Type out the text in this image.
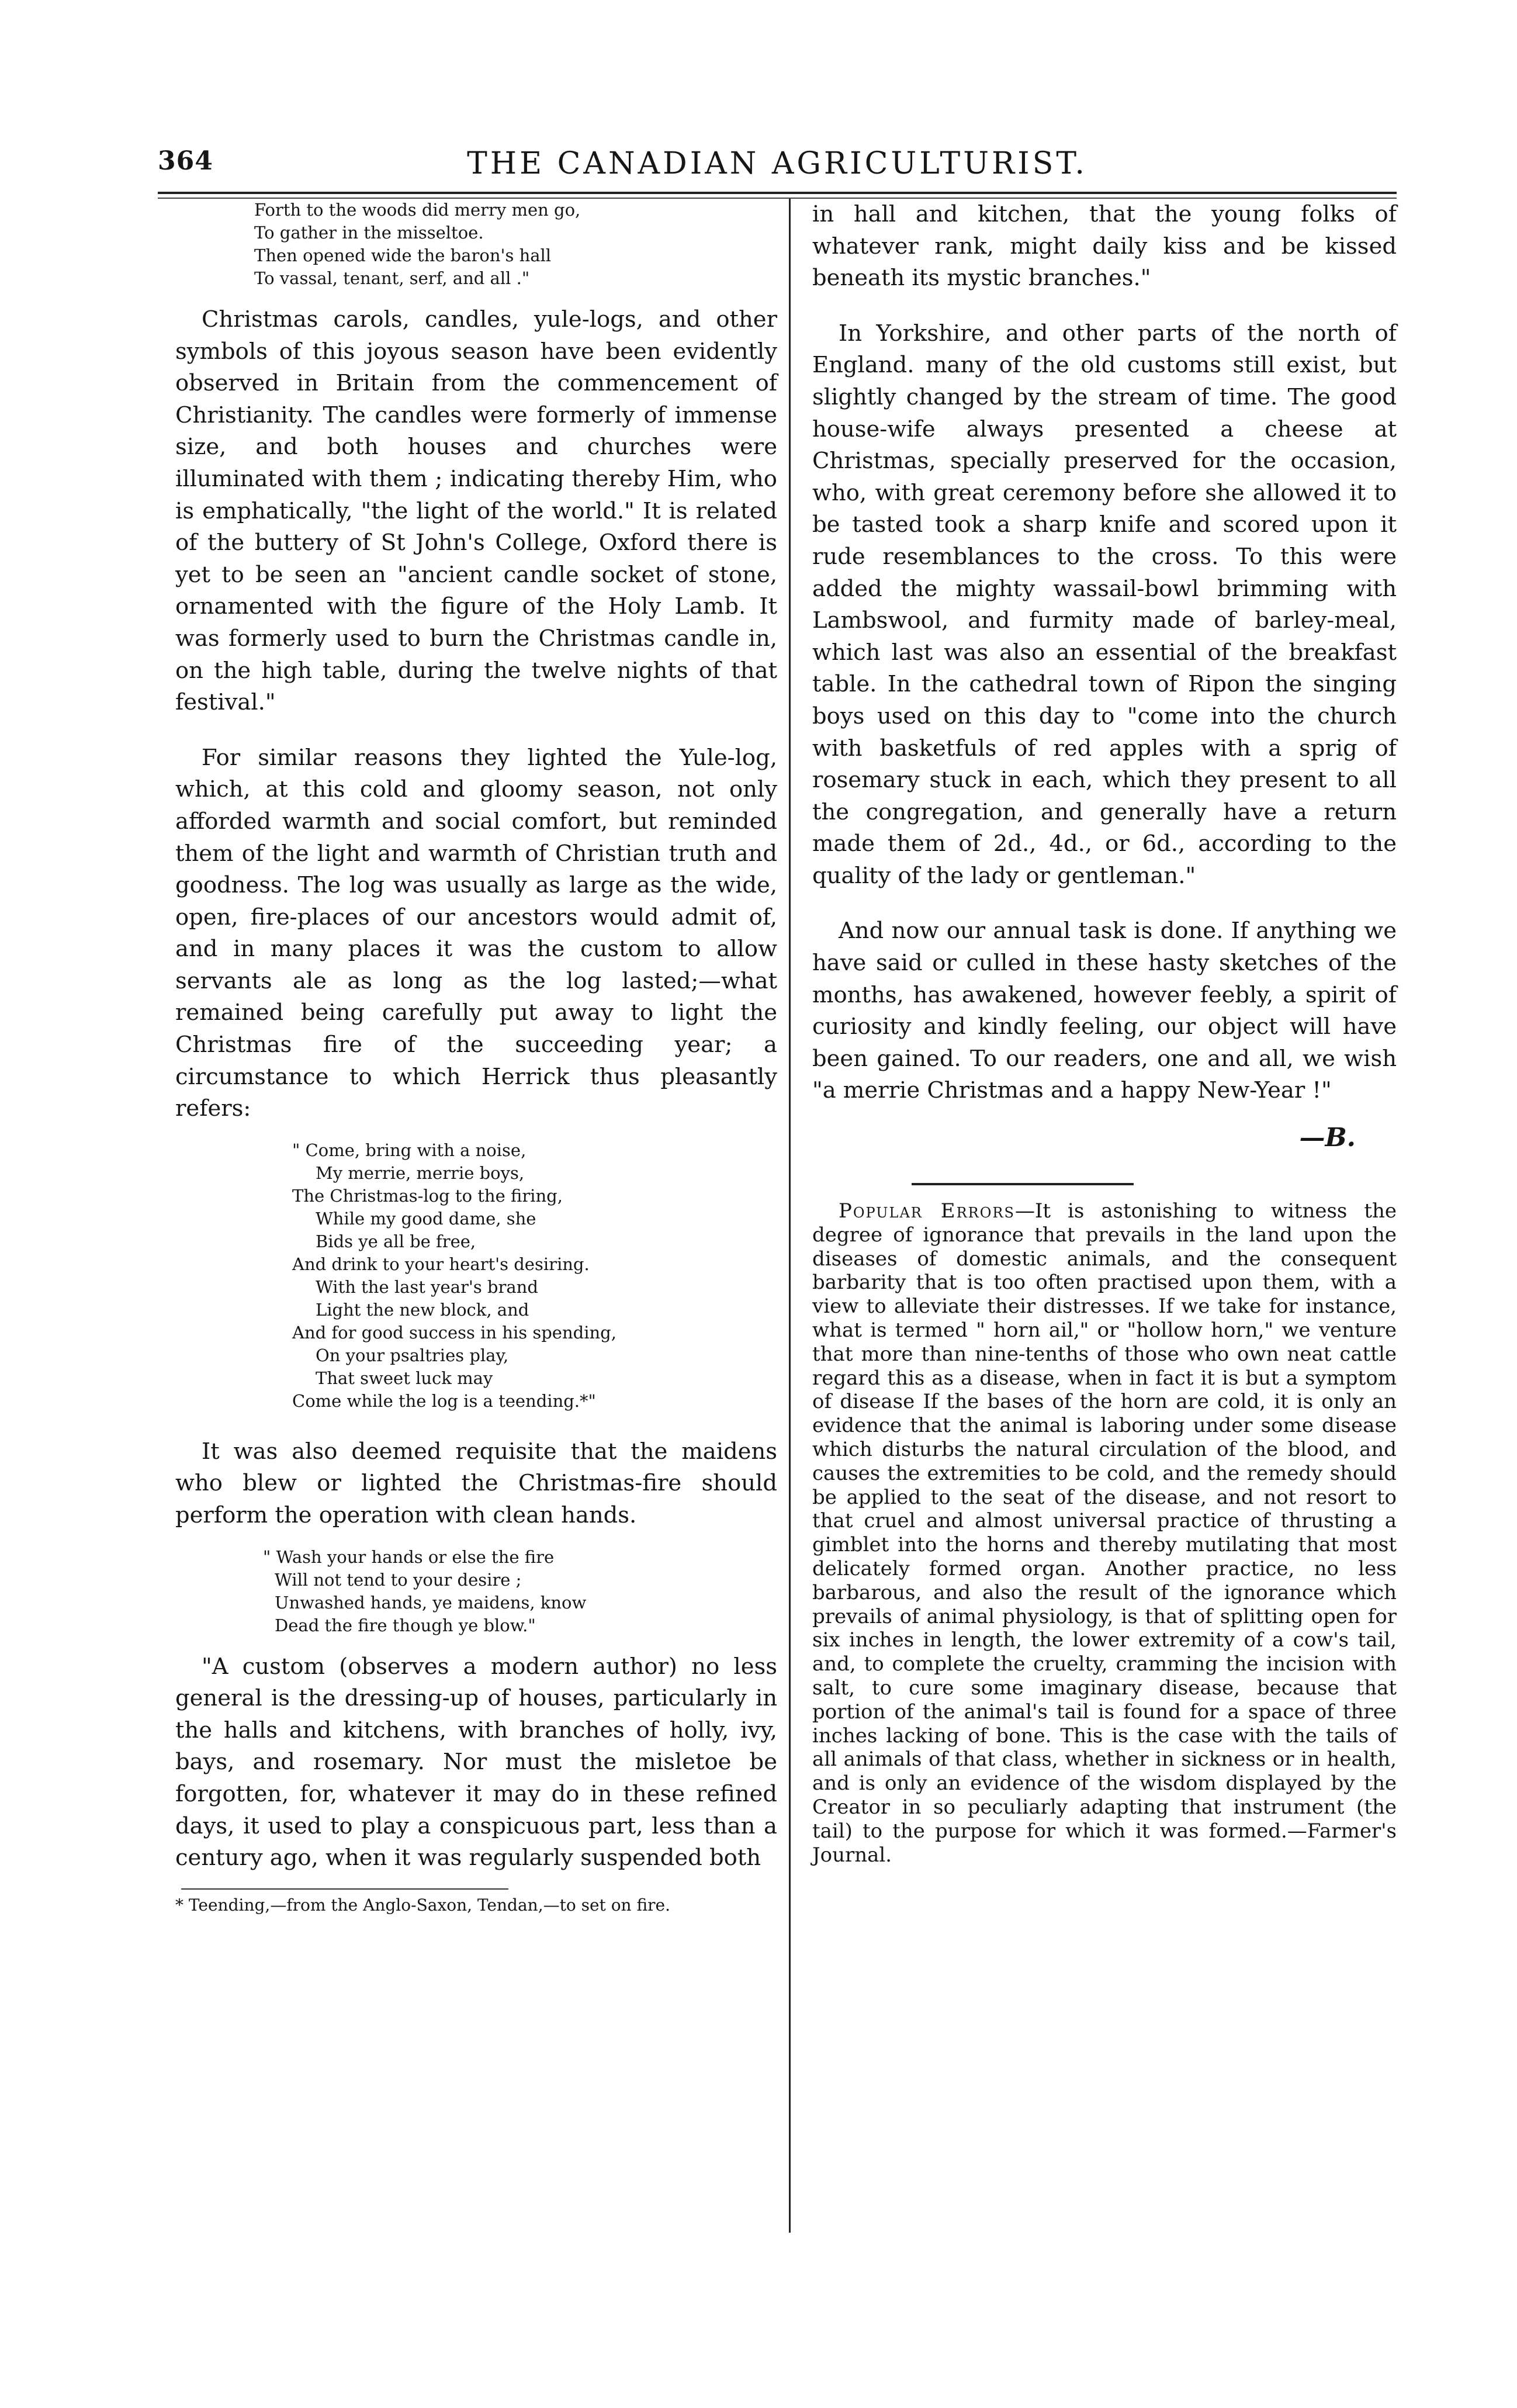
364	THE CANADIAN AGRICULTURIST.
Forth to the woods did merry men go,
To gather in the misseltoe.
Then opened wide the baron's hall
To vassal, tenant, serf, and all ."

Christmas carols, candles, yule-logs, and other symbols of this joyous season have been evidently observed in Britain from the commencement of Christianity. The candles were formerly of immense size, and both houses and churches were illuminated with them ; indicating thereby Him, who is emphatically, "the light of the world." It is related of the buttery of St John's College, Oxford there is yet to be seen an "ancient candle socket of stone, ornamented with the figure of the Holy Lamb. It was formerly used to burn the Christmas candle in, on the high table, during the twelve nights of that festival."

For similar reasons they lighted the Yule-log, which, at this cold and gloomy season, not only afforded warmth and social comfort, but reminded them of the light and warmth of Christian truth and goodness. The log was usually as large as the wide, open, fire-places of our ancestors would admit of, and in many places it was the custom to allow servants ale as long as the log lasted;—what remained being carefully put away to light the Christmas fire of the succeeding year; a circumstance to which Herrick thus pleasantly refers:

" Come, bring with a noise,
My merrie, merrie boys,
The Christmas-log to the firing,
While my good dame, she
Bids ye all be free,
And drink to your heart's desiring.
With the last year's brand
Light the new block, and
And for good success in his spending,
On your psaltries play,
That sweet luck may
Come while the log is a teending.*"

It was also deemed requisite that the maidens who blew or lighted the Christmas-fire should perform the operation with clean hands.

" Wash your hands or else the fire
Will not tend to your desire ;
Unwashed hands, ye maidens, know
Dead the fire though ye blow."

"A custom (observes a modern author) no less general is the dressing-up of houses, particularly in the halls and kitchens, with branches of holly, ivy, bays, and rosemary. Nor must the misletoe be forgotten, for, whatever it may do in these refined days, it used to play a conspicuous part, less than a century ago, when it was regularly suspended both

* Teending,—from the Anglo-Saxon, Tendan,—to set on fire.

in hall and kitchen, that the young folks of whatever rank, might daily kiss and be kissed beneath its mystic branches."

In Yorkshire, and other parts of the north of England. many of the old customs still exist, but slightly changed by the stream of time. The good house-wife always presented a cheese at Christmas, specially preserved for the occasion, who, with great ceremony before she allowed it to be tasted took a sharp knife and scored upon it rude resemblances to the cross. To this were added the mighty wassail-bowl brimming with Lambswool, and furmity made of barley-meal, which last was also an essential of the breakfast table. In the cathedral town of Ripon the singing boys used on this day to "come into the church with basketfuls of red apples with a sprig of rosemary stuck in each, which they present to all the congregation, and generally have a return made them of 2d., 4d., or 6d., according to the quality of the lady or gentleman."

And now our annual task is done. If anything we have said or culled in these hasty sketches of the months, has awakened, however feebly, a spirit of curiosity and kindly feeling, our object will have been gained. To our readers, one and all, we wish "a merrie Christmas and a happy New-Year !"

—B.

Popular Errors—It is astonishing to witness the degree of ignorance that prevails in the land upon the diseases of domestic animals, and the consequent barbarity that is too often practised upon them, with a view to alleviate their distresses. If we take for instance, what is termed " horn ail," or "hollow horn," we venture that more than nine-tenths of those who own neat cattle regard this as a disease, when in fact it is but a symptom of disease If the bases of the horn are cold, it is only an evidence that the animal is laboring under some disease which disturbs the natural circulation of the blood, and causes the extremities to be cold, and the remedy should be applied to the seat of the disease, and not resort to that cruel and almost universal practice of thrusting a gimblet into the horns and thereby mutilating that most delicately formed organ. Another practice, no less barbarous, and also the result of the ignorance which prevails of animal physiology, is that of splitting open for six inches in length, the lower extremity of a cow's tail, and, to complete the cruelty, cramming the incision with salt, to cure some imaginary disease, because that portion of the animal's tail is found for a space of three inches lacking of bone. This is the case with the tails of all animals of that class, whether in sickness or in health, and is only an evidence of the wisdom displayed by the Creator in so peculiarly adapting that instrument (the tail) to the purpose for which it was formed.—Farmer's Journal.
